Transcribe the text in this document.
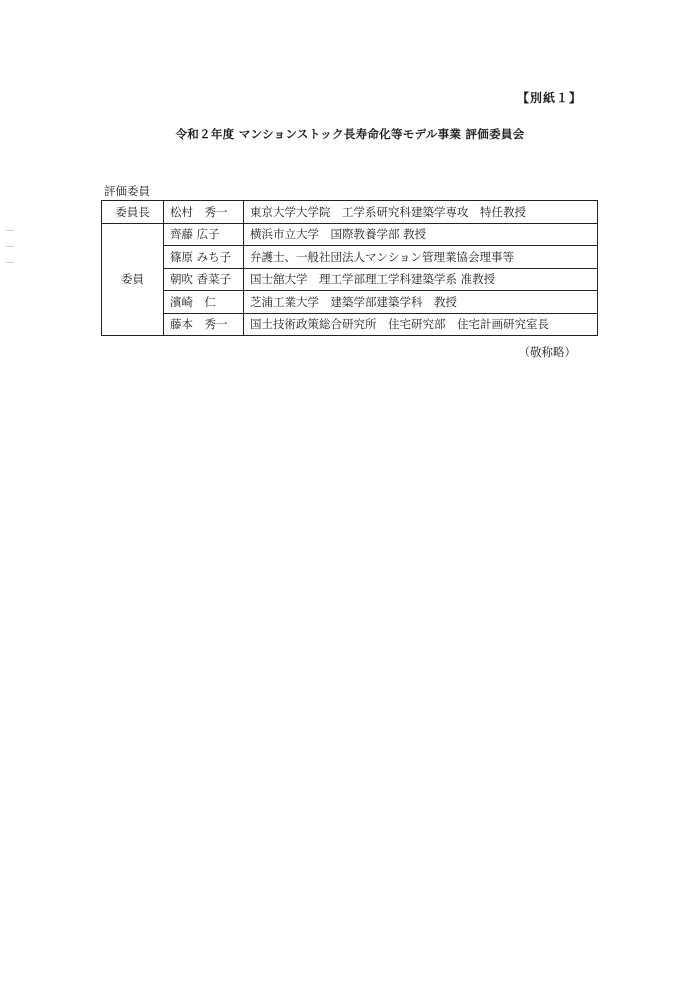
【別紙１】
令和２年度 マンションストック長寿命化等モデル事業 評価委員会
評価委員
委員長	松村　秀一	東京大学大学院　工学系研究科建築学専攻　特任教授
委員	齊藤 広子	横浜市立大学　国際教養学部 教授
	篠原 みち子	弁護士、一般社団法人マンション管理業協会理事等
	朝吹 香菜子	国士舘大学　理工学部理工学科建築学系 准教授
	濱崎　仁	芝浦工業大学　建築学部建築学科　教授
	藤本　秀一	国土技術政策総合研究所　住宅研究部　住宅計画研究室長
（敬称略）
